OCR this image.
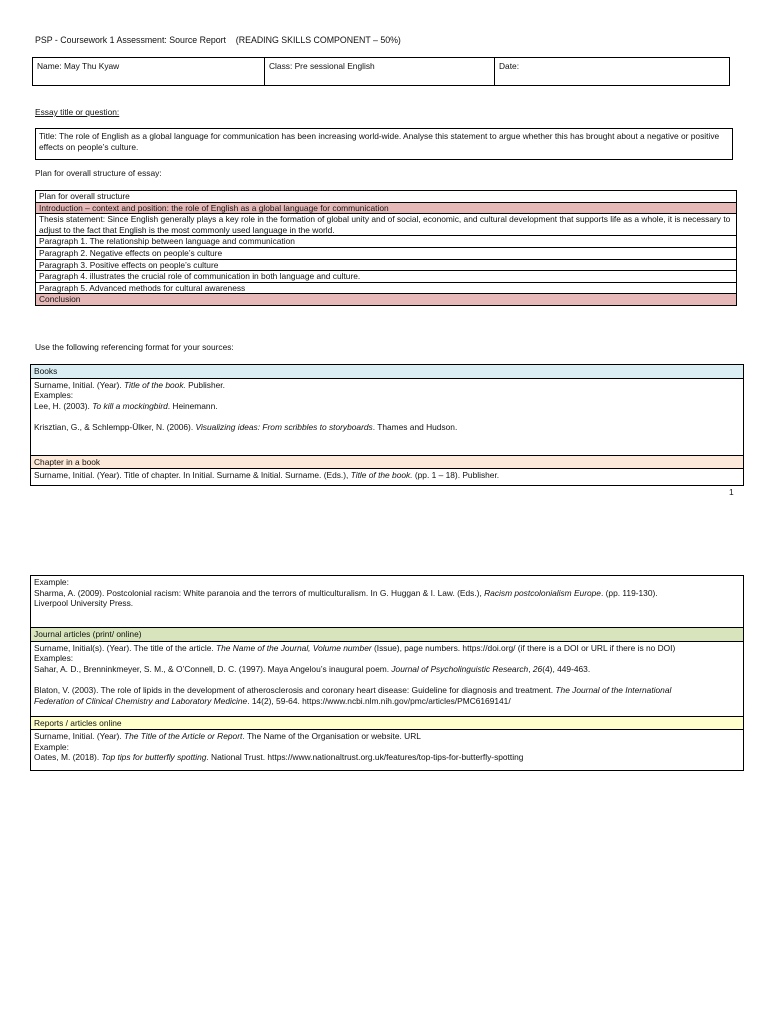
PSP - Coursework 1 Assessment: Source Report (READING SKILLS COMPONENT – 50%)
Name: May Thu Kyaw	Class: Pre sessional English	Date:
Essay title or question:
Title: The role of English as a global language for communication has been increasing world-wide. Analyse this statement to argue whether this has brought about a negative or positive effects on people’s culture.
Plan for overall structure of essay:
Plan for overall structure
Introduction – context and position: the role of English as a global language for communication
Thesis statement: Since English generally plays a key role in the formation of global unity and of social, economic, and cultural development that supports life as a whole, it is necessary to adjust to the fact that English is the most commonly used language in the world.
Paragraph 1. The relationship between language and communication
Paragraph 2. Negative effects on people’s culture
Paragraph 3. Positive effects on people’s culture
Paragraph 4. illustrates the crucial role of communication in both language and culture.
Paragraph 5. Advanced methods for cultural awareness
Conclusion
Use the following referencing format for your sources:
Books

Surname, Initial. (Year). Title of the book. Publisher.
Examples:
Lee, H. (2003). To kill a mockingbird. Heinemann.
Krisztian, G., & Schlempp-Ülker, N. (2006). Visualizing ideas: From scribbles to storyboards. Thames and Hudson.

Chapter in a book
Surname, Initial. (Year). Title of chapter. In Initial. Surname & Initial. Surname. (Eds.), Title of the book. (pp. 1 – 18). Publisher.
1
Example:
Sharma, A. (2009). Postcolonial racism: White paranoia and the terrors of multiculturalism. In G. Huggan & I. Law. (Eds.), Racism postcolonialism Europe. (pp. 119-130).
Liverpool University Press.

Journal articles (print/ online)

Surname, Initial(s). (Year). The title of the article. The Name of the Journal, Volume number (Issue), page numbers. https://doi.org/ (if there is a DOI or URL if there is no DOI)
Examples:
Sahar, A. D., Brenninkmeyer, S. M., & O’Connell, D. C. (1997). Maya Angelou’s inaugural poem. Journal of Psycholinguistic Research, 26(4), 449-463.
Blaton, V. (2003). The role of lipids in the development of atherosclerosis and coronary heart disease: Guideline for diagnosis and treatment. The Journal of the International
Federation of Clinical Chemistry and Laboratory Medicine. 14(2), 59-64. https://www.ncbi.nlm.nih.gov/pmc/articles/PMC6169141/

Reports / articles online

Surname, Initial. (Year). The Title of the Article or Report. The Name of the Organisation or website. URL
Example:
Oates, M. (2018). Top tips for butterfly spotting. National Trust. https://www.nationaltrust.org.uk/features/top-tips-for-butterfly-spotting
